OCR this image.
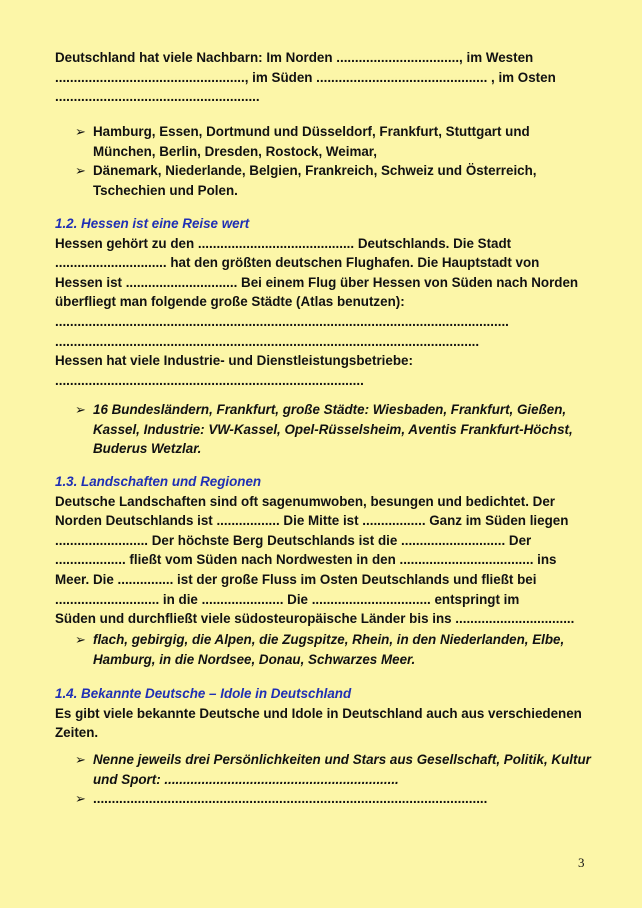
Deutschland hat viele Nachbarn: Im Norden ................................., im Westen
..................................................., im Süden .............................................. , im Osten
.......................................................
➢ Hamburg, Essen, Dortmund und Düsseldorf, Frankfurt, Stuttgart und
München, Berlin, Dresden, Rostock, Weimar,
➢ Dänemark, Niederlande, Belgien, Frankreich, Schweiz und Österreich,
Tschechien und Polen.
1.2. Hessen ist eine Reise wert
Hessen gehört zu den .......................................... Deutschlands. Die Stadt
.............................. hat den größten deutschen Flughafen. Die Hauptstadt von
Hessen ist .............................. Bei einem Flug über Hessen von Süden nach Norden
überfliegt man folgende große Städte (Atlas benutzen):
..........................................................................................................................
..................................................................................................................
Hessen hat viele Industrie- und Dienstleistungsbetriebe:
...................................................................................
➢ 16 Bundesländern, Frankfurt, große Städte: Wiesbaden, Frankfurt, Gießen,
Kassel, Industrie: VW-Kassel, Opel-Rüsselsheim, Aventis Frankfurt-Höchst,
Buderus Wetzlar.
1.3. Landschaften und Regionen
Deutsche Landschaften sind oft sagenumwoben, besungen und bedichtet. Der
Norden Deutschlands ist ................. Die Mitte ist ................. Ganz im Süden liegen
......................... Der höchste Berg Deutschlands ist die ............................ Der
................... fließt vom Süden nach Nordwesten in den .................................... ins
Meer. Die ............... ist der große Fluss im Osten Deutschlands und fließt bei
............................ in die ...................... Die ................................ entspringt im
Süden und durchfließt viele südosteuropäische Länder bis ins ................................
➢ flach, gebirgig, die Alpen, die Zugspitze, Rhein, in den Niederlanden, Elbe,
Hamburg, in die Nordsee, Donau, Schwarzes Meer.
1.4. Bekannte Deutsche – Idole in Deutschland
Es gibt viele bekannte Deutsche und Idole in Deutschland auch aus verschiedenen
Zeiten.
➢ Nenne jeweils drei Persönlichkeiten und Stars aus Gesellschaft, Politik, Kultur
und Sport: ...............................................................
➢ ..........................................................................................................
3
